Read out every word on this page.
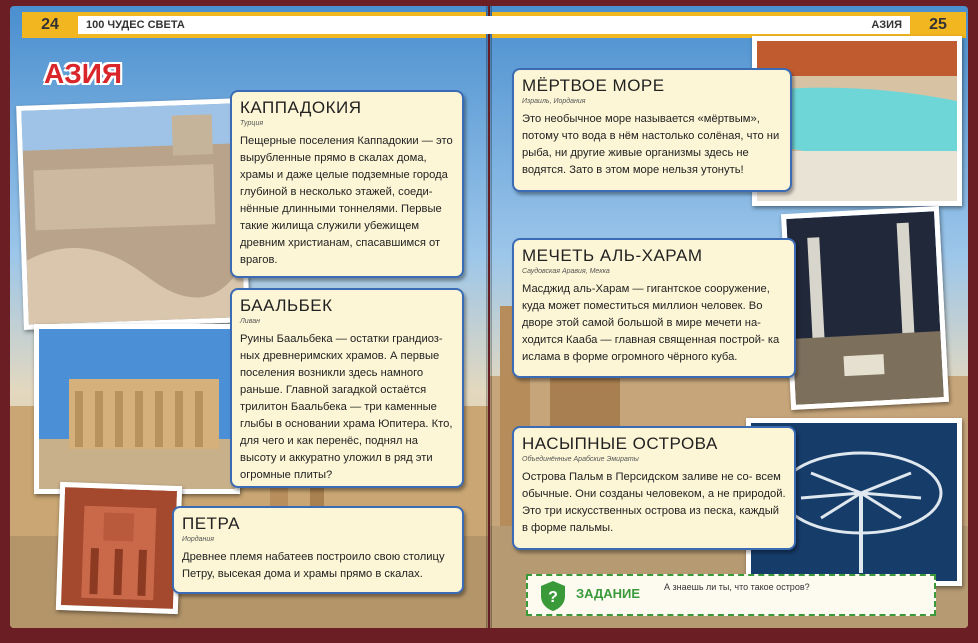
24	100 ЧУДЕС СВЕТА	АЗИЯ	25
АЗИЯ
КАППАДОКИЯ
Турция
Пещерные поселения Каппадокии — это вырубленные прямо в скалах дома, храмы и даже целые подземные города глубиной в несколько этажей, соеди- нённые длинными тоннелями. Первые такие жилища служили убежищем древним христианам, спасавшимся от врагов.
БААЛЬБЕК
Ливан
Руины Баальбека — остатки грандиоз- ных древнеримских храмов. А первые поселения возникли здесь намного раньше. Главной загадкой остаётся трилитон Баальбека — три каменные глыбы в основании храма Юпитера. Кто, для чего и как перенёс, поднял на высоту и аккуратно уложил в ряд эти огромные плиты?
ПЕТРА
Иордания
Древнее племя набатеев построило свою столицу Петру, высекая дома и храмы прямо в скалах.
МЁРТВОЕ МОРЕ
Израиль, Иордания
Это необычное море называется «мёртвым», потому что вода в нём настолько солёная, что ни рыба, ни другие живые организмы здесь не водятся. Зато в этом море нельзя утонуть!
МЕЧЕТЬ АЛЬ-ХАРАМ
Саудовская Аравия, Мекка
Масджид аль-Харам — гигантское сооружение, куда может поместиться миллион человек. Во дворе этой самой большой в мире мечети на- ходится Кааба — главная священная построй- ка ислама в форме огромного чёрного куба.
НАСЫПНЫЕ ОСТРОВА
Объединённые Арабские Эмираты
Острова Пальм в Персидском заливе не со- всем обычные. Они созданы человеком, а не природой. Это три искусственных острова из песка, каждый в форме пальмы.
? ЗАДАНИЕ	А знаешь ли ты, что такое остров?
